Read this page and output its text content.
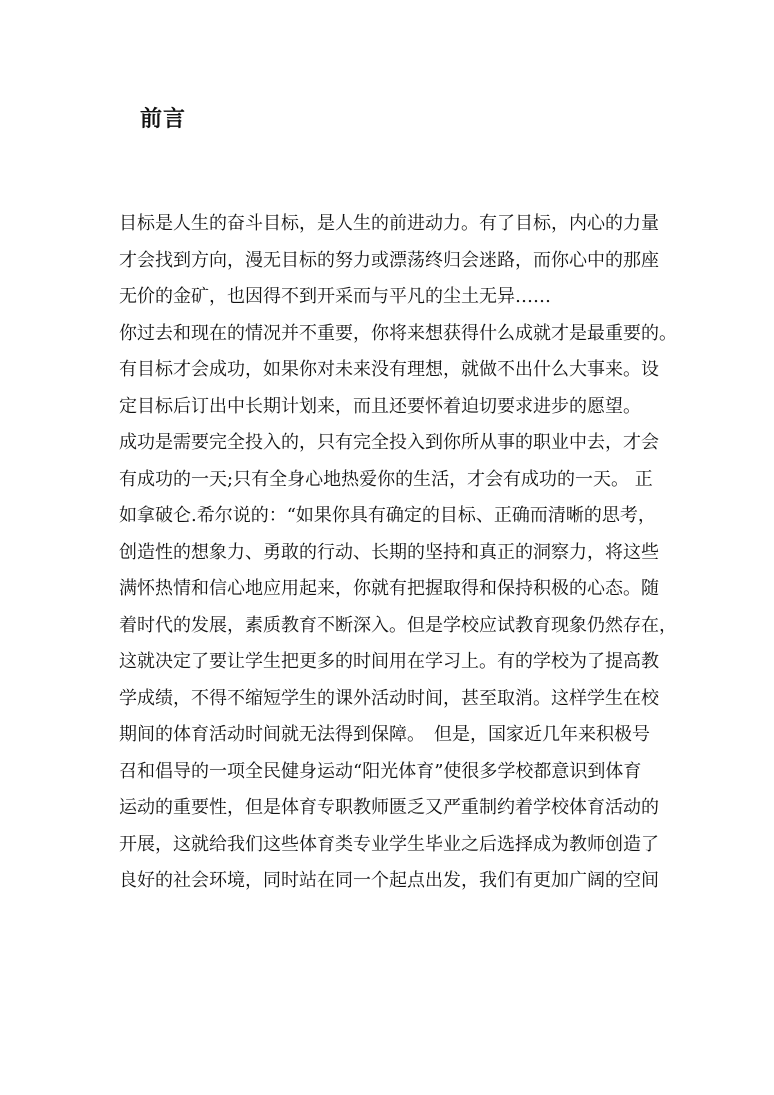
前言
目标是人生的奋斗目标，是人生的前进动力。有了目标，内心的力量
才会找到方向，漫无目标的努力或漂荡终归会迷路，而你心中的那座
无价的金矿，也因得不到开采而与平凡的尘土无异……
你过去和现在的情况并不重要，你将来想获得什么成就才是最重要的。
有目标才会成功，如果你对未来没有理想，就做不出什么大事来。设
定目标后订出中长期计划来，而且还要怀着迫切要求进步的愿望。
成功是需要完全投入的，只有完全投入到你所从事的职业中去，才会
有成功的一天;只有全身心地热爱你的生活，才会有成功的一天。 正
如拿破仑.希尔说的：“如果你具有确定的目标、正确而清晰的思考，
创造性的想象力、勇敢的行动、长期的坚持和真正的洞察力，将这些
满怀热情和信心地应用起来，你就有把握取得和保持积极的心态。随
着时代的发展，素质教育不断深入。但是学校应试教育现象仍然存在，
这就决定了要让学生把更多的时间用在学习上。有的学校为了提高教
学成绩，不得不缩短学生的课外活动时间，甚至取消。这样学生在校
期间的体育活动时间就无法得到保障。　但是，国家近几年来积极号
召和倡导的一项全民健身运动“阳光体育”使很多学校都意识到体育
运动的重要性，但是体育专职教师匮乏又严重制约着学校体育活动的
开展，这就给我们这些体育类专业学生毕业之后选择成为教师创造了
良好的社会环境，同时站在同一个起点出发，我们有更加广阔的空间
